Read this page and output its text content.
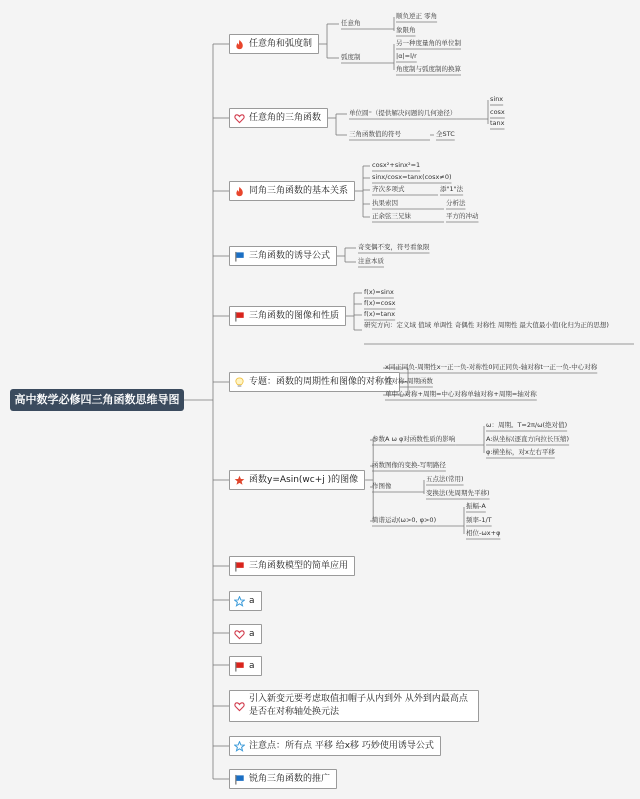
高中数学必修四三角函数思维导图
任意角和弧度制
任意角
顺负逆正 零角
象限角
弧度制
另一种度量角的单位制
|α|=l/r
角度制与弧度制的换算
任意角的三角函数	单位圆⁼（提供解决问题的几何途径）
sinx
cosx
tanx
三角函数值的符号	全STC
同角三角函数的基本关系
cosx²+sinx²=1
sinx/cosx=tanx(cosx≠0)
齐次多项式	添"1"法
执果索因	分析法
正余弦三兄妹	平方的冲动
三角函数的诱导公式
奇变偶不变，符号看象限
注意本质
三角函数的图像和性质
f(x)=sinx
f(x)=cosx
f(x)=tanx
研究方向：定义域 值域 单调性 奇偶性 对称性 周期性 最大值最小值(化归为正的思想)
专题：函数的周期性和图像的对称性
x同正同负-周期性x一正一负-对称性0同正同负-轴对称t一正一负-中心对称
双对称-周期函数
单中心对称+周期=中心对称单轴对称+周期=轴对称
函数y=Asin(wc+j )的图像
参数A ω φ对函数性质的影响
ω：周期。T=2π/ω(绝对值)
A:纵坐标(逐直方向拉长压缩)
φ:横坐标，对x左右平移
函数图像的变换-写明路径
作图像
五点法(常用)
变换法(先周期先平移)
简谐运动(ω>0, φ>0)
振幅-A
频率-1/T
相位-ωx+φ
三角函数模型的简单应用
a
a
a
引入新变元要考虑取值扣帽子从内到外 从外到内最高点是否在对称轴处换元法
注意点：所有点 平移 给x移 巧妙使用诱导公式
锐角三角函数的推广
